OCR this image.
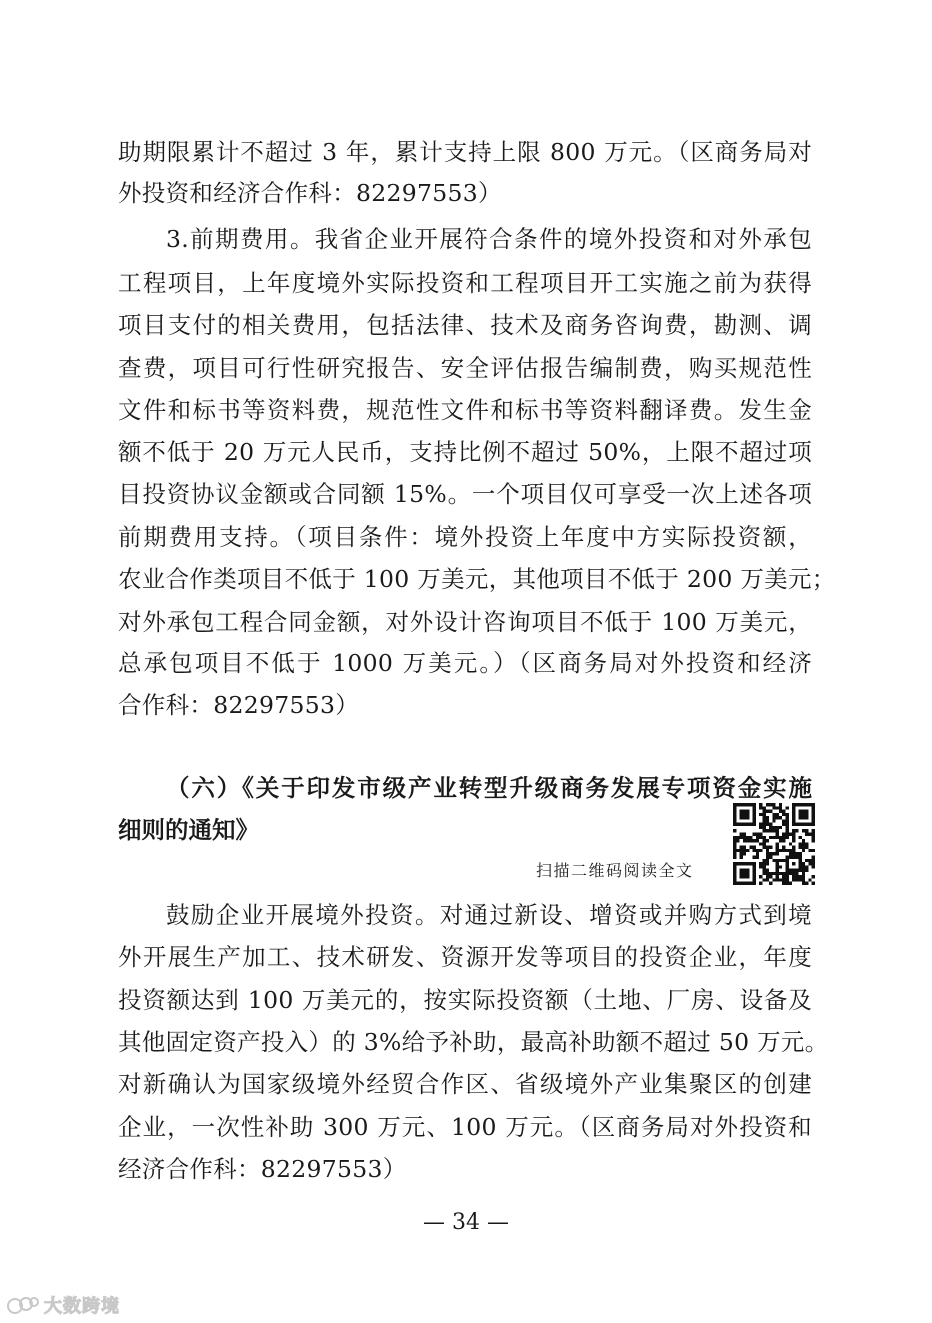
助期限累计不超过 3 年，累计支持上限 800 万元。（区商务局对
外投资和经济合作科：82297553）
3.前期费用。我省企业开展符合条件的境外投资和对外承包
工程项目，上年度境外实际投资和工程项目开工实施之前为获得
项目支付的相关费用，包括法律、技术及商务咨询费，勘测、调
查费，项目可行性研究报告、安全评估报告编制费，购买规范性
文件和标书等资料费，规范性文件和标书等资料翻译费。发生金
额不低于 20 万元人民币，支持比例不超过 50%，上限不超过项
目投资协议金额或合同额 15%。一个项目仅可享受一次上述各项
前期费用支持。（项目条件：境外投资上年度中方实际投资额，
农业合作类项目不低于 100 万美元，其他项目不低于 200 万美元；
对外承包工程合同金额，对外设计咨询项目不低于 100 万美元，
总承包项目不低于 1000 万美元。）（区商务局对外投资和经济
合作科：82297553）
（六）《关于印发市级产业转型升级商务发展专项资金实施
细则的通知》
扫描二维码阅读全文
鼓励企业开展境外投资。对通过新设、增资或并购方式到境
外开展生产加工、技术研发、资源开发等项目的投资企业，年度
投资额达到 100 万美元的，按实际投资额（土地、厂房、设备及
其他固定资产投入）的 3%给予补助，最高补助额不超过 50 万元。
对新确认为国家级境外经贸合作区、省级境外产业集聚区的创建
企业，一次性补助 300 万元、100 万元。（区商务局对外投资和
经济合作科：82297553）
— 34 —
大数跨境
